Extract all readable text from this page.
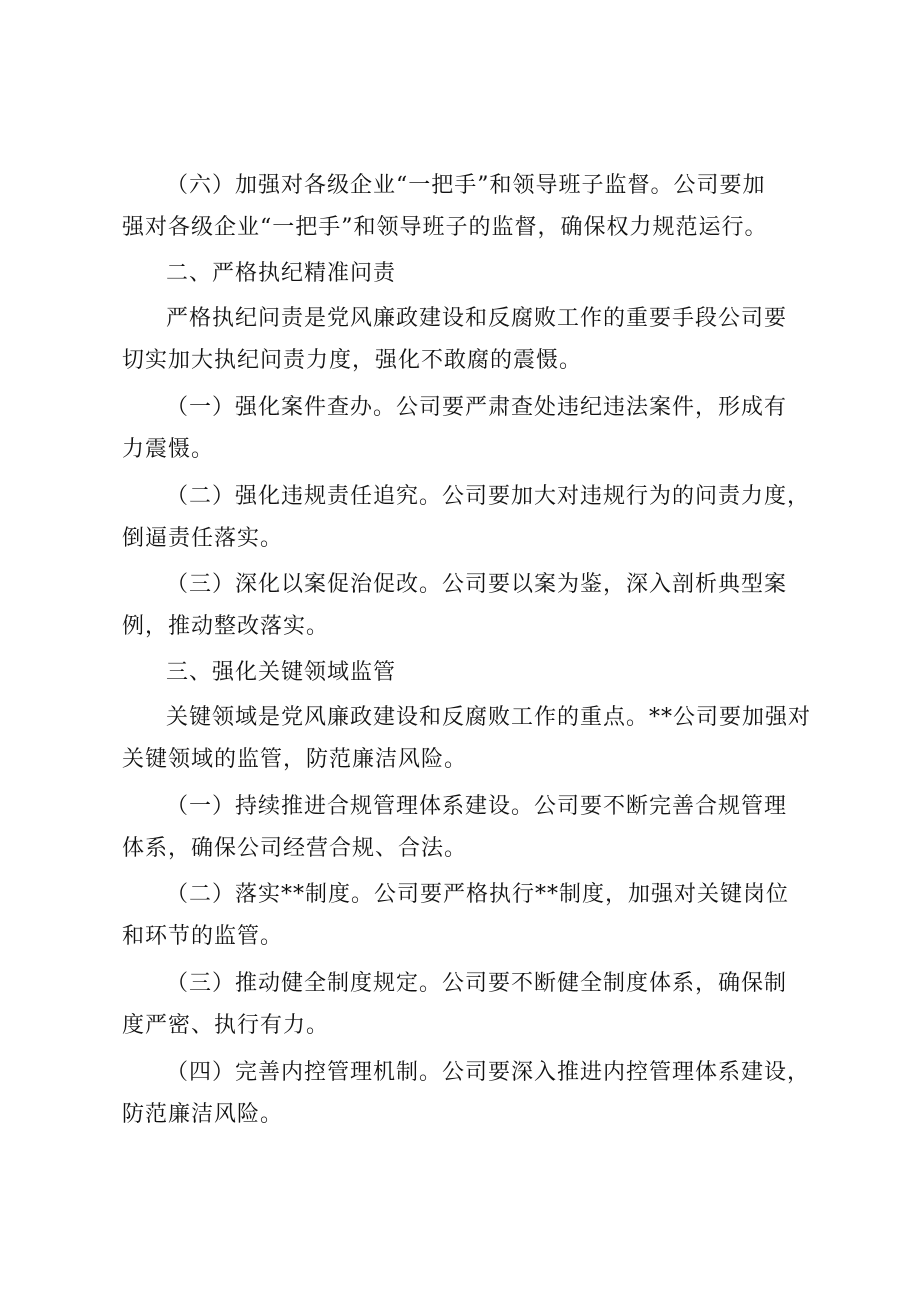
（六）加强对各级企业“一把手”和领导班子监督。公司要加
强对各级企业“一把手”和领导班子的监督，确保权力规范运行。

二、严格执纪精准问责

严格执纪问责是党风廉政建设和反腐败工作的重要手段公司要
切实加大执纪问责力度，强化不敢腐的震慑。

（一）强化案件查办。公司要严肃查处违纪违法案件，形成有
力震慑。

（二）强化违规责任追究。公司要加大对违规行为的问责力度，
倒逼责任落实。

（三）深化以案促治促改。公司要以案为鉴，深入剖析典型案
例，推动整改落实。

三、强化关键领域监管

关键领域是党风廉政建设和反腐败工作的重点。**公司要加强对
关键领域的监管，防范廉洁风险。

（一）持续推进合规管理体系建设。公司要不断完善合规管理
体系，确保公司经营合规、合法。

（二）落实**制度。公司要严格执行**制度，加强对关键岗位
和环节的监管。

（三）推动健全制度规定。公司要不断健全制度体系，确保制
度严密、执行有力。

（四）完善内控管理机制。公司要深入推进内控管理体系建设，
防范廉洁风险。
